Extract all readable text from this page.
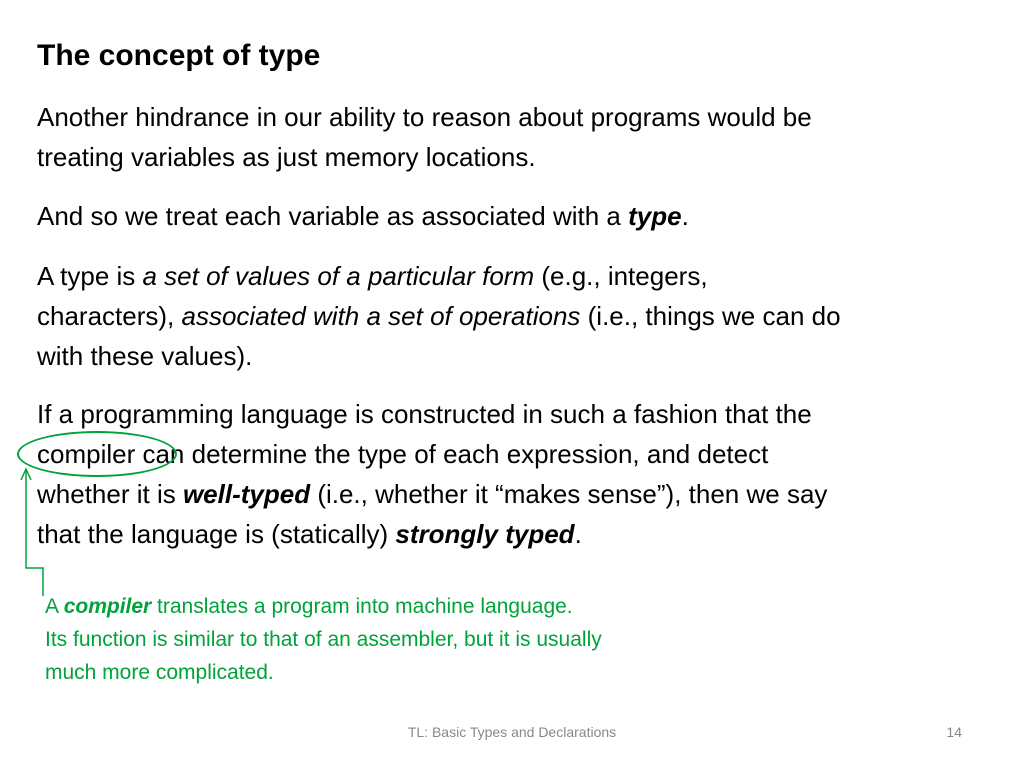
The concept of type

Another hindrance in our ability to reason about programs would be
treating variables as just memory locations.

And so we treat each variable as associated with a type.

A type is a set of values of a particular form (e.g., integers,
characters), associated with a set of operations (i.e., things we can do
with these values).

If a programming language is constructed in such a fashion that the
compiler
can determine the type of each expression, and detect
whether it is well-typed (i.e., whether it “makes sense”), then we say
that the language is (statically) strongly typed.

A compiler translates a program into machine language.
Its function is similar to that of an assembler, but it is usually
much more complicated.

TL: Basic Types and Declarations	14
